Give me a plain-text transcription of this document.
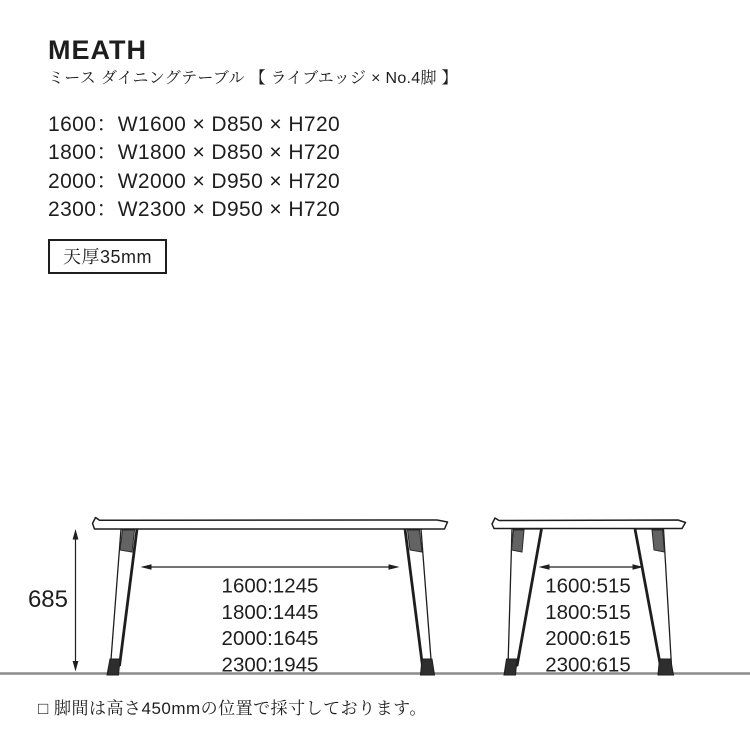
MEATH
ミース ダイニングテーブル 【 ライブエッジ × No.4脚 】
1600：W1600 × D850 × H720
1800：W1800 × D850 × H720
2000：W2000 × D950 × H720
2300：W2300 × D950 × H720
天厚35mm
685	1600:1245
1800:1445
2000:1645
2300:1945
1600:515
1800:515
2000:615
2300:615
□ 脚間は高さ450mmの位置で採寸しております。
